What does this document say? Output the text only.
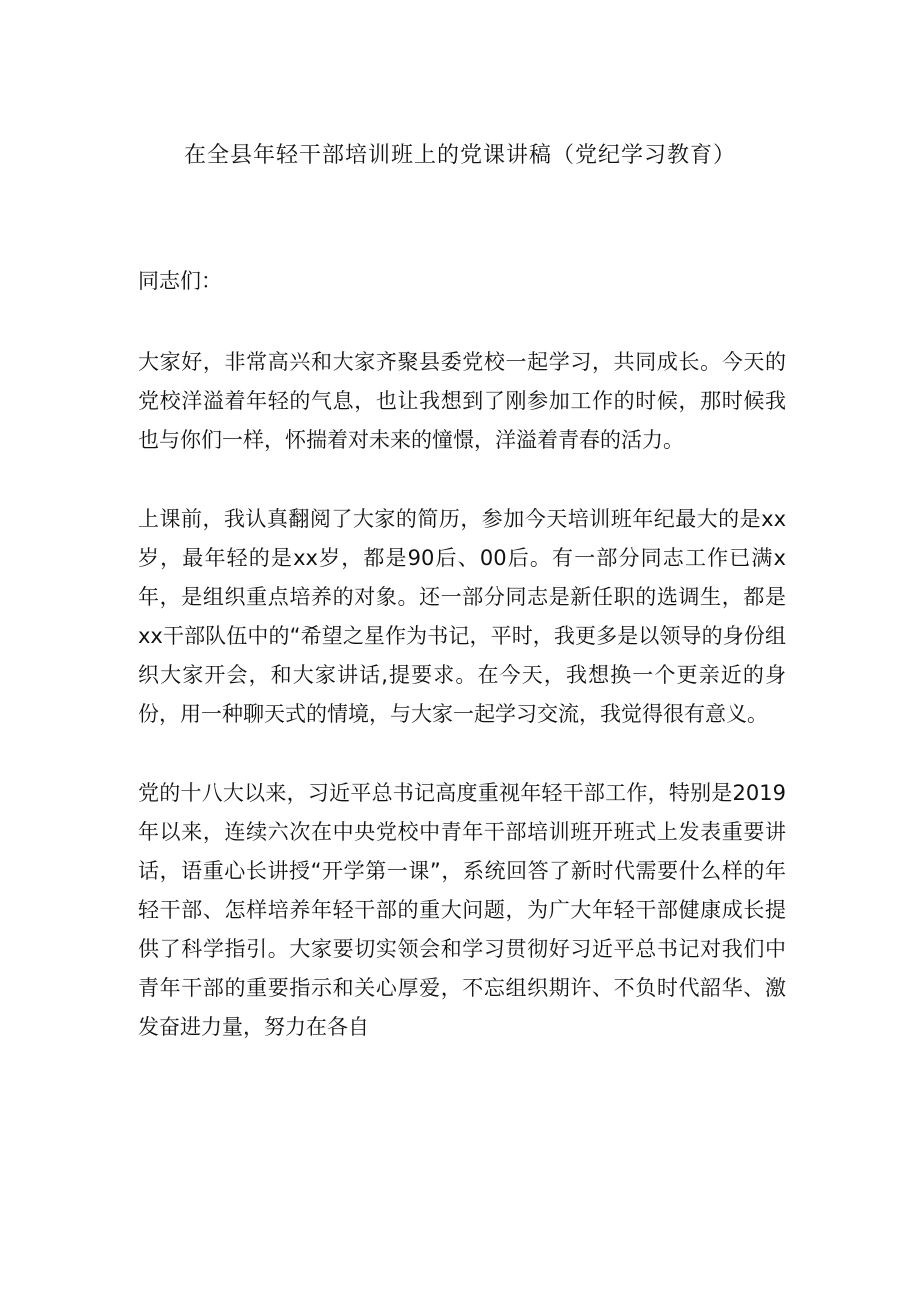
在全县年轻干部培训班上的党课讲稿（党纪学习教育）

同志们：

大家好，非常高兴和大家齐聚县委党校一起学习，共同成长。今天的党校洋溢着年轻的气息，也让我想到了刚参加工作的时候，那时候我也与你们一样，怀揣着对未来的憧憬，洋溢着青春的活力。

上课前，我认真翻阅了大家的简历，参加今天培训班年纪最大的是xx岁，最年轻的是xx岁，都是90后、00后。有一部分同志工作已满x年，是组织重点培养的对象。还一部分同志是新任职的选调生，都是xx干部队伍中的“希望之星作为书记，平时，我更多是以领导的身份组织大家开会，和大家讲话,提要求。在今天，我想换一个更亲近的身份，用一种聊天式的情境，与大家一起学习交流，我觉得很有意义。

党的十八大以来，习近平总书记高度重视年轻干部工作，特别是2019年以来，连续六次在中央党校中青年干部培训班开班式上发表重要讲话，语重心长讲授“开学第一课”，系统回答了新时代需要什么样的年轻干部、怎样培养年轻干部的重大问题，为广大年轻干部健康成长提供了科学指引。大家要切实领会和学习贯彻好习近平总书记对我们中青年干部的重要指示和关心厚爱，不忘组织期许、不负时代韶华、激发奋进力量，努力在各自
